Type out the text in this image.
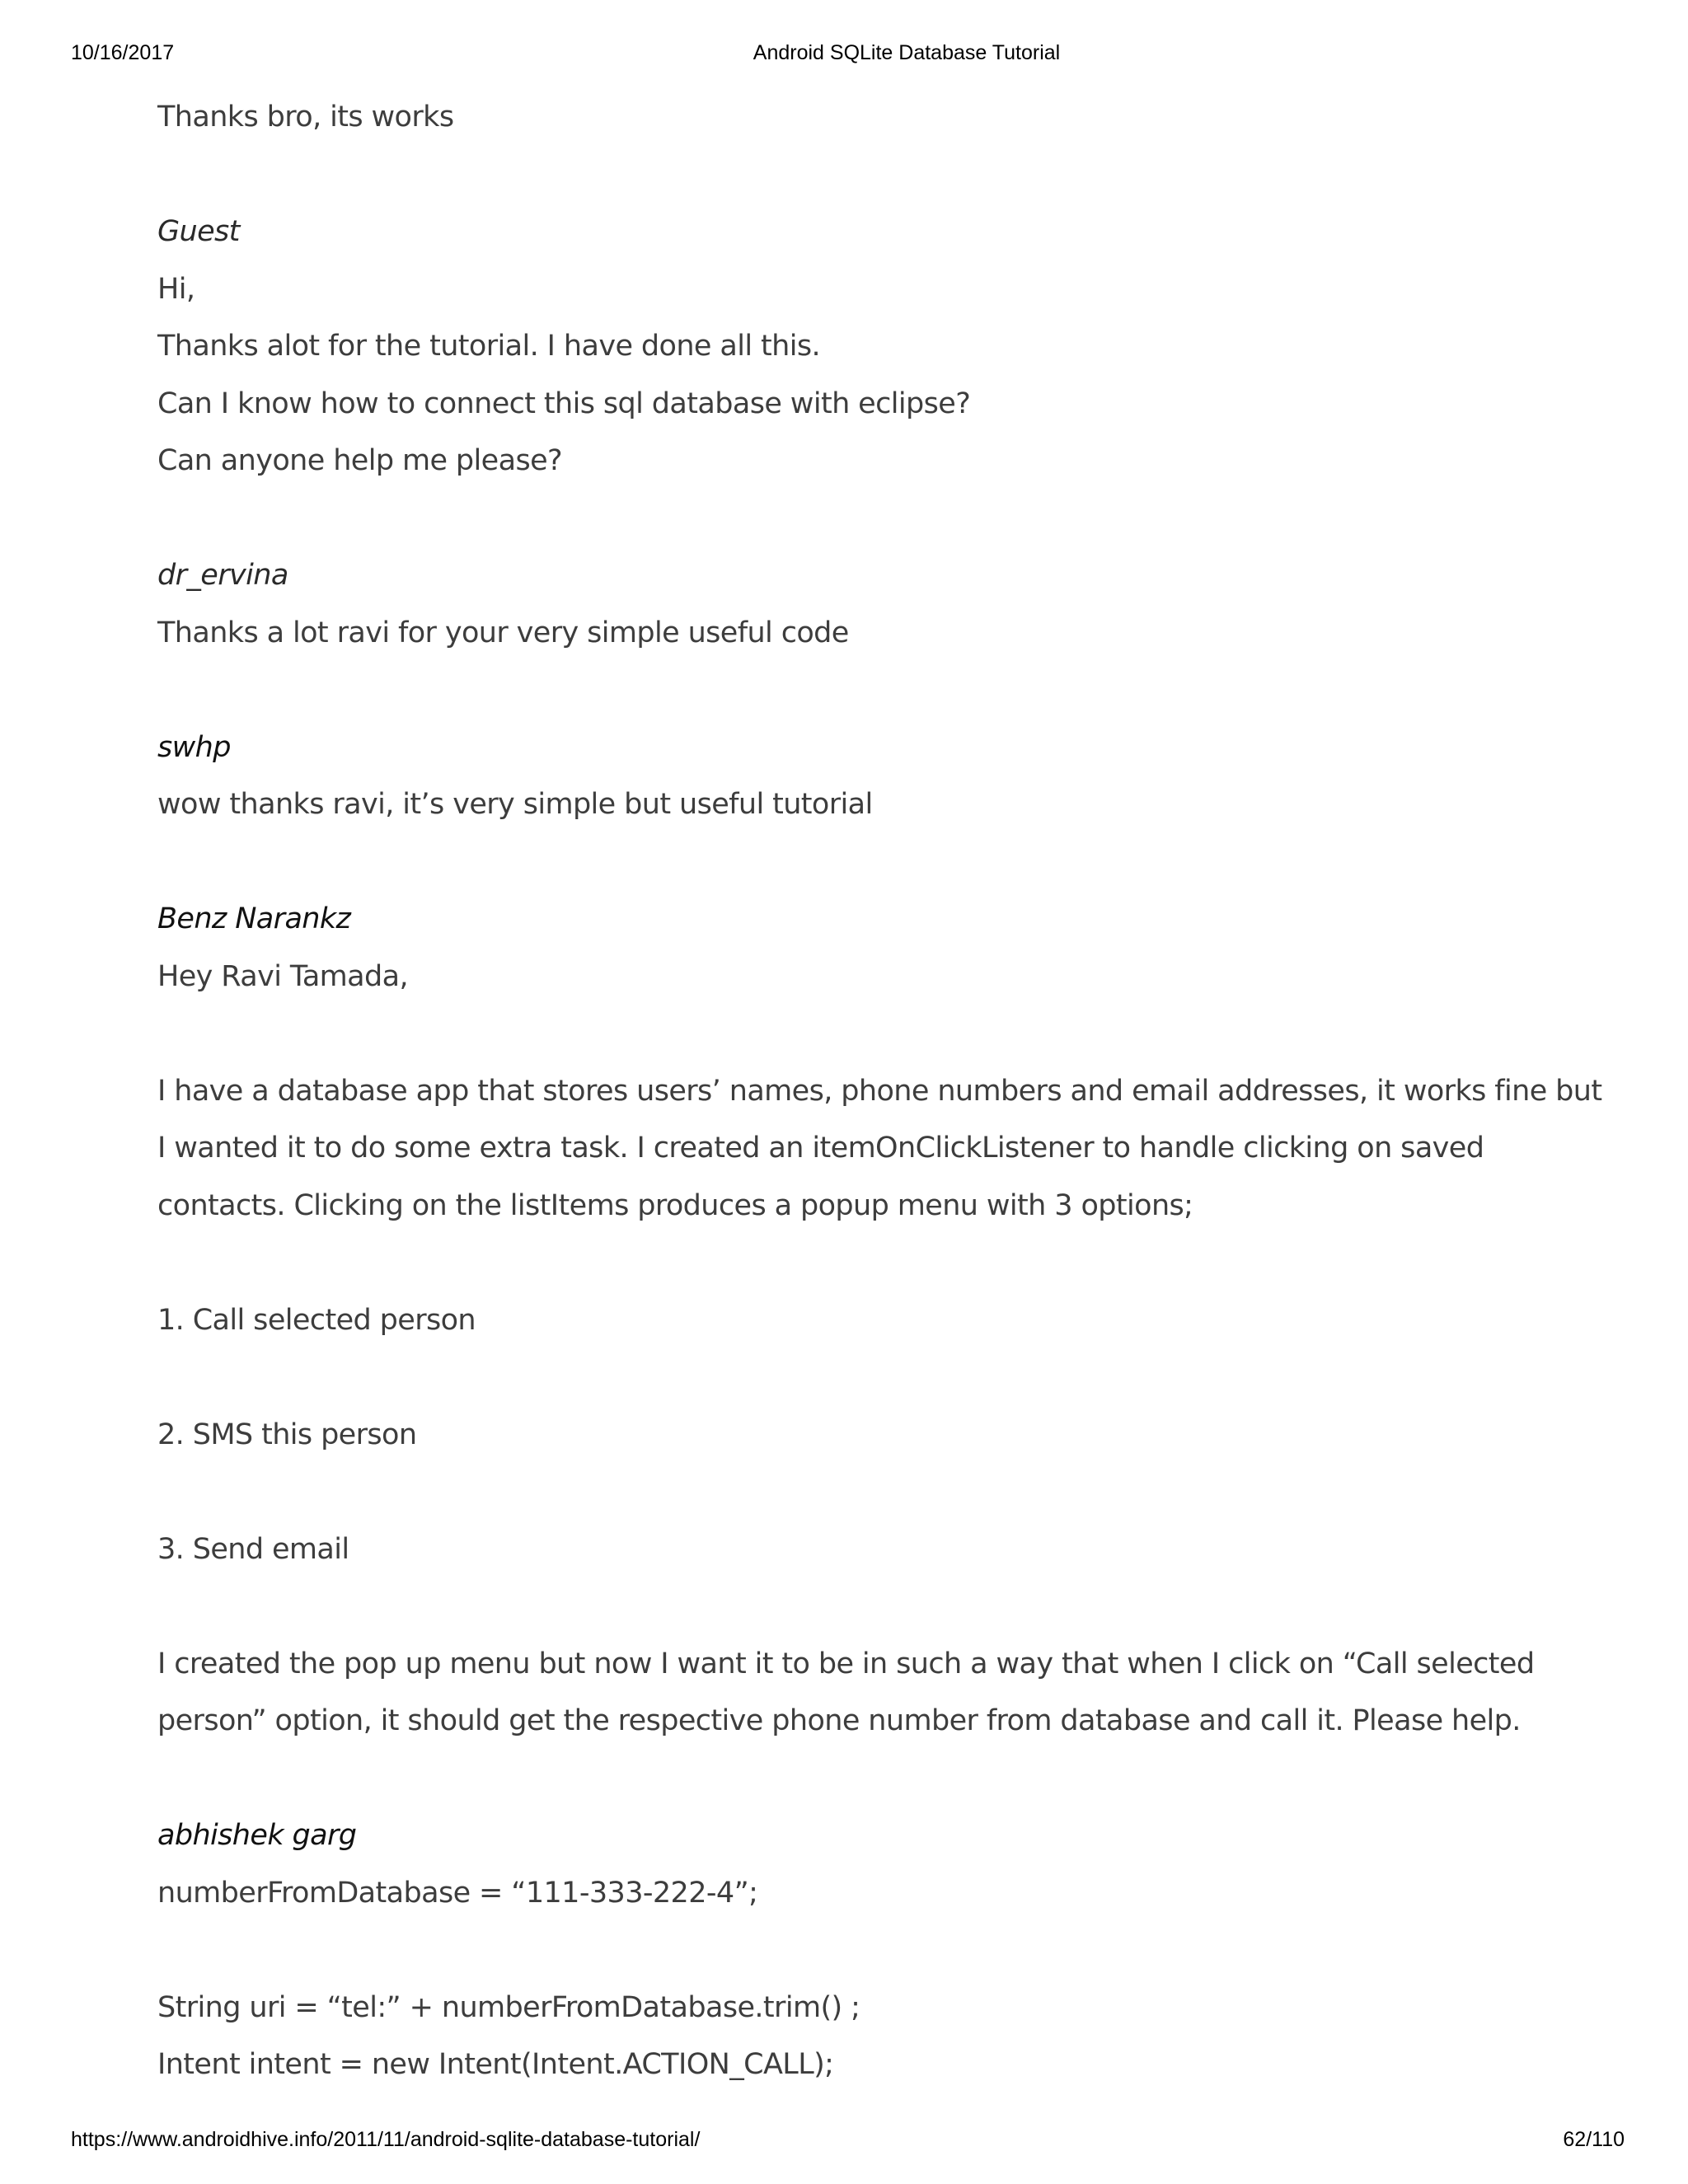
10/16/2017	Android SQLite Database Tutorial

Thanks bro, its works

Guest

Hi,

Thanks alot for the tutorial. I have done all this.

Can I know how to connect this sql database with eclipse?

Can anyone help me please?

dr_ervina

Thanks a lot ravi for your very simple useful code

swhp

wow thanks ravi, it’s very simple but useful tutorial

Benz Narankz

Hey Ravi Tamada,

I have a database app that stores users’ names, phone numbers and email addresses, it works fine but

I wanted it to do some extra task. I created an itemOnClickListener to handle clicking on saved

contacts. Clicking on the listItems produces a popup menu with 3 options;

1. Call selected person

2. SMS this person

3. Send email

I created the pop up menu but now I want it to be in such a way that when I click on “Call selected

person” option, it should get the respective phone number from database and call it. Please help.

abhishek garg

numberFromDatabase = “111-333-222-4”;

String uri = “tel:” + numberFromDatabase.trim() ;

Intent intent = new Intent(Intent.ACTION_CALL);

https://www.androidhive.info/2011/11/android-sqlite-database-tutorial/	62/110
